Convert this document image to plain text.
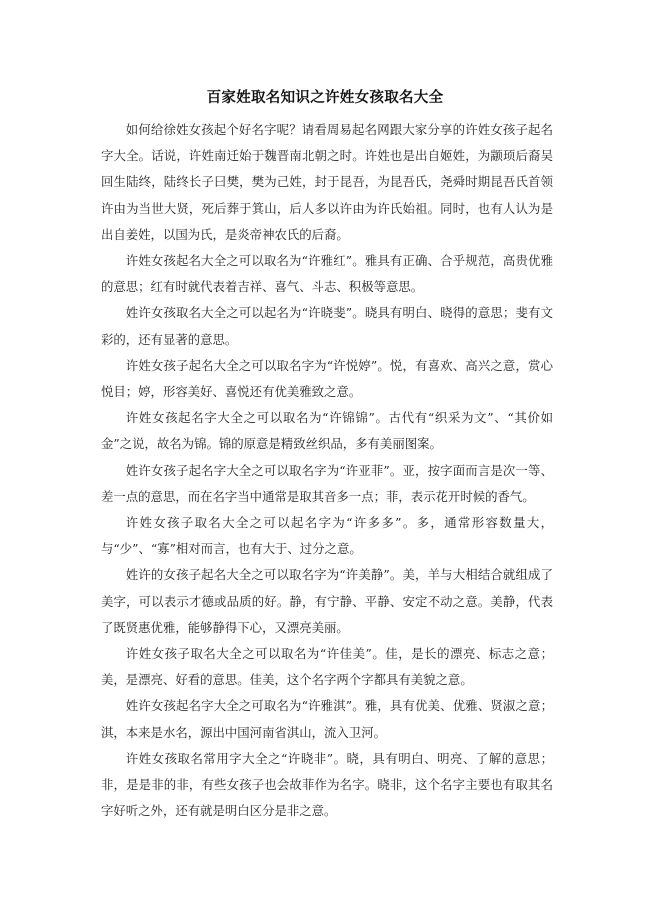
百家姓取名知识之许姓女孩取名大全

如何给徐姓女孩起个好名字呢？请看周易起名网跟大家分享的许姓女孩子起名字大全。话说，许姓南迁始于魏晋南北朝之时。许姓也是出自姬姓，为颛顼后裔吴回生陆终，陆终长子曰樊，樊为己姓，封于昆吾，为昆吾氏，尧舜时期昆吾氏首领许由为当世大贤，死后葬于箕山，后人多以许由为许氏始祖。同时，也有人认为是出自姜姓，以国为氏，是炎帝神农氏的后裔。

许姓女孩起名大全之可以取名为“许雅红”。雅具有正确、合乎规范，高贵优雅的意思；红有时就代表着吉祥、喜气、斗志、积极等意思。

姓许女孩取名大全之可以起名为“许晓斐”。晓具有明白、晓得的意思；斐有文彩的，还有显著的意思。

许姓女孩子起名大全之可以取名字为“许悦婷”。悦，有喜欢、高兴之意，赏心悦目；婷，形容美好、喜悦还有优美雅致之意。

许姓女孩起名字大全之可以取名为“许锦锦”。古代有“织采为文”、“其价如金”之说，故名为锦。锦的原意是精致丝织品，多有美丽图案。

姓许女孩子起名字大全之可以取名字为“许亚菲”。亚，按字面而言是次一等、差一点的意思，而在名字当中通常是取其音多一点；菲，表示花开时候的香气。

许姓女孩子取名大全之可以起名字为“许多多”。多，通常形容数量大，与“少”、“寡”相对而言，也有大于、过分之意。

姓许的女孩子起名大全之可以取名字为“许美静”。美，羊与大相结合就组成了美字，可以表示才德或品质的好。静，有宁静、平静、安定不动之意。美静，代表了既贤惠优雅，能够静得下心，又漂亮美丽。

许姓女孩子取名大全之可以取名为“许佳美”。佳，是长的漂亮、标志之意；美，是漂亮、好看的意思。佳美，这个名字两个字都具有美貌之意。

姓许女孩起名字大全之可取名为“许雅淇”。雅，具有优美、优雅、贤淑之意；淇，本来是水名，源出中国河南省淇山，流入卫河。

许姓女孩取名常用字大全之“许晓非”。晓，具有明白、明亮、了解的意思；非，是是非的非，有些女孩子也会故菲作为名字。晓非，这个名字主要也有取其名字好听之外，还有就是明白区分是非之意。
